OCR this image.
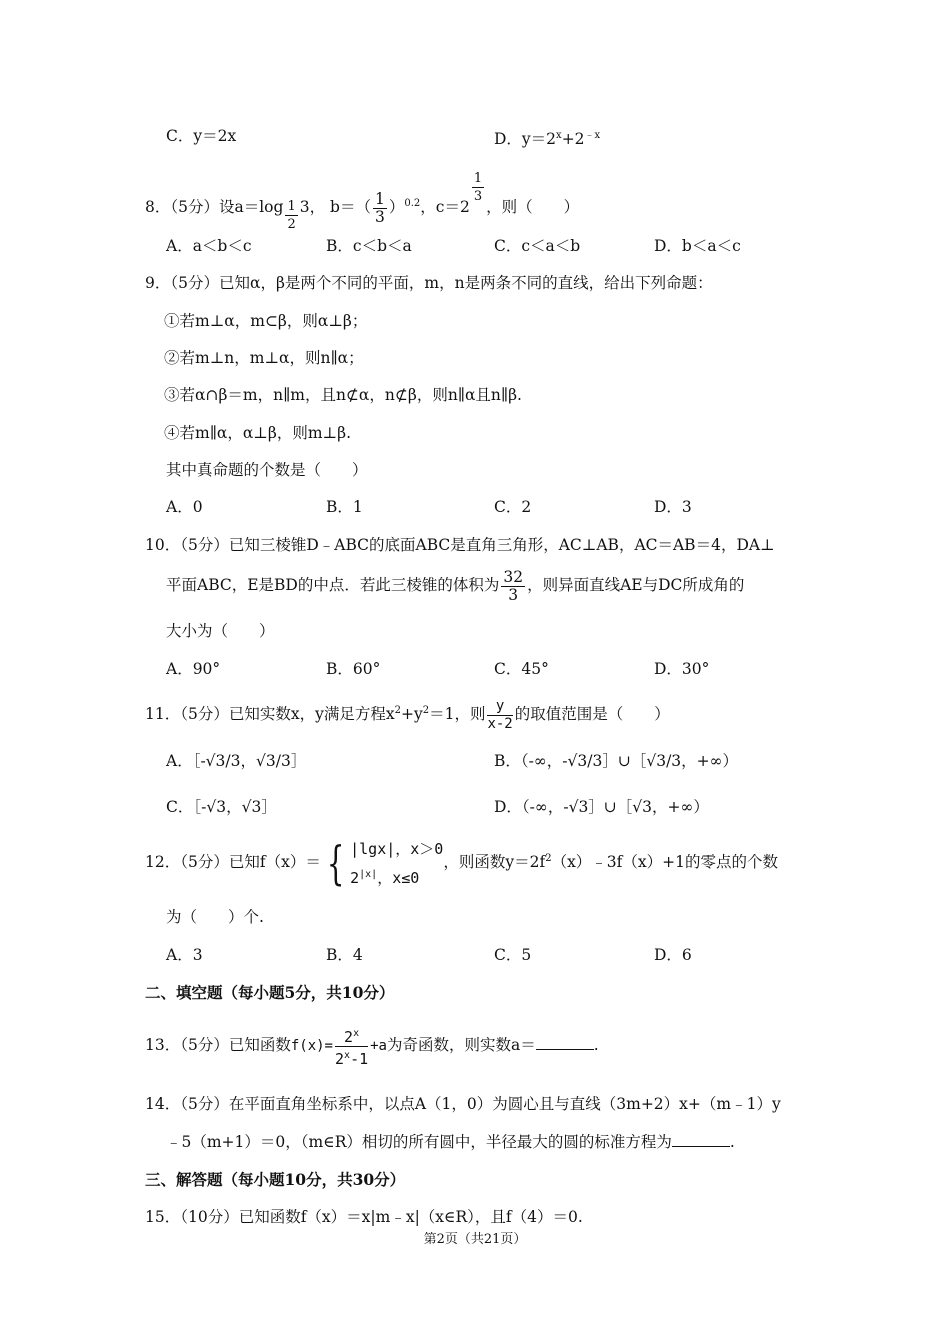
C．y＝2x	D．$y=2^x+2^{﹣x}$
8．（5分）设$a=\log \frac{1}{2} 3$， $b=( \frac{1}{3} )^{0.2}$，c＝2
$\frac{1}{3}$
，则（　　）
A．a＜b＜c	B．c＜b＜a	C．c＜a＜b	D．b＜a＜c
9．（5分）已知α，β是两个不同的平面，m，n是两条不同的直线，给出下列命题：
①若m⊥α，m⊂β，则α⊥β；
②若m⊥n，m⊥α，则n∥α；
③若α∩β＝m，n∥m，且n⊄α，n⊄β，则n∥α且n∥β.
④若m∥α，α⊥β，则m⊥β.
其中真命题的个数是（　　）
A．0	B．1	C．2	D．3
10．（5分）已知三棱锥D﹣ABC的底面ABC是直角三角形，AC⊥AB，AC＝AB＝4，DA⊥
平面ABC，E是BD的中点．若此三棱锥的体积为 $\frac{32}{3}$ ，则异面直线AE与DC所成角的
大小为（　　）
A．90°	B．60°	C．45°	D．30°
11．（5分）已知实数x，y满足方程$x^2+y^2=1$，则 $\frac{y}{x-2}$ 的取值范围是（　　）
A．［-√3/3，√3/3］	B．（-∞，-√3/3］∪［√3/3，+∞）
C．［-√3，√3］	D．（-∞，-√3］∪［√3，+∞）
12．（5分）已知f（x）＝ { |lgx|，x＞0
$2^{|x|}$，x≤0
，则函数$y=2f^2(x)﹣3f(x)+1$的零点的个数
为（　　）个.
A．3	B．4	C．5	D．6
二、填空题（每小题5分，共10分）
13．（5分）已知函数$f(x)= \frac{2^x}{2^x-1} +a$为奇函数，则实数a＝	.
14．（5分）在平面直角坐标系中，以点A（1，0）为圆心且与直线（3m+2）x+（m﹣1）y
﹣5（m+1）＝0，（m∈R）相切的所有圆中，半径最大的圆的标准方程为	.
三、解答题（每小题10分，共30分）
15．（10分）已知函数f（x）＝x|m﹣x|（x∈R），且f（4）＝0.
第2页（共21页）
